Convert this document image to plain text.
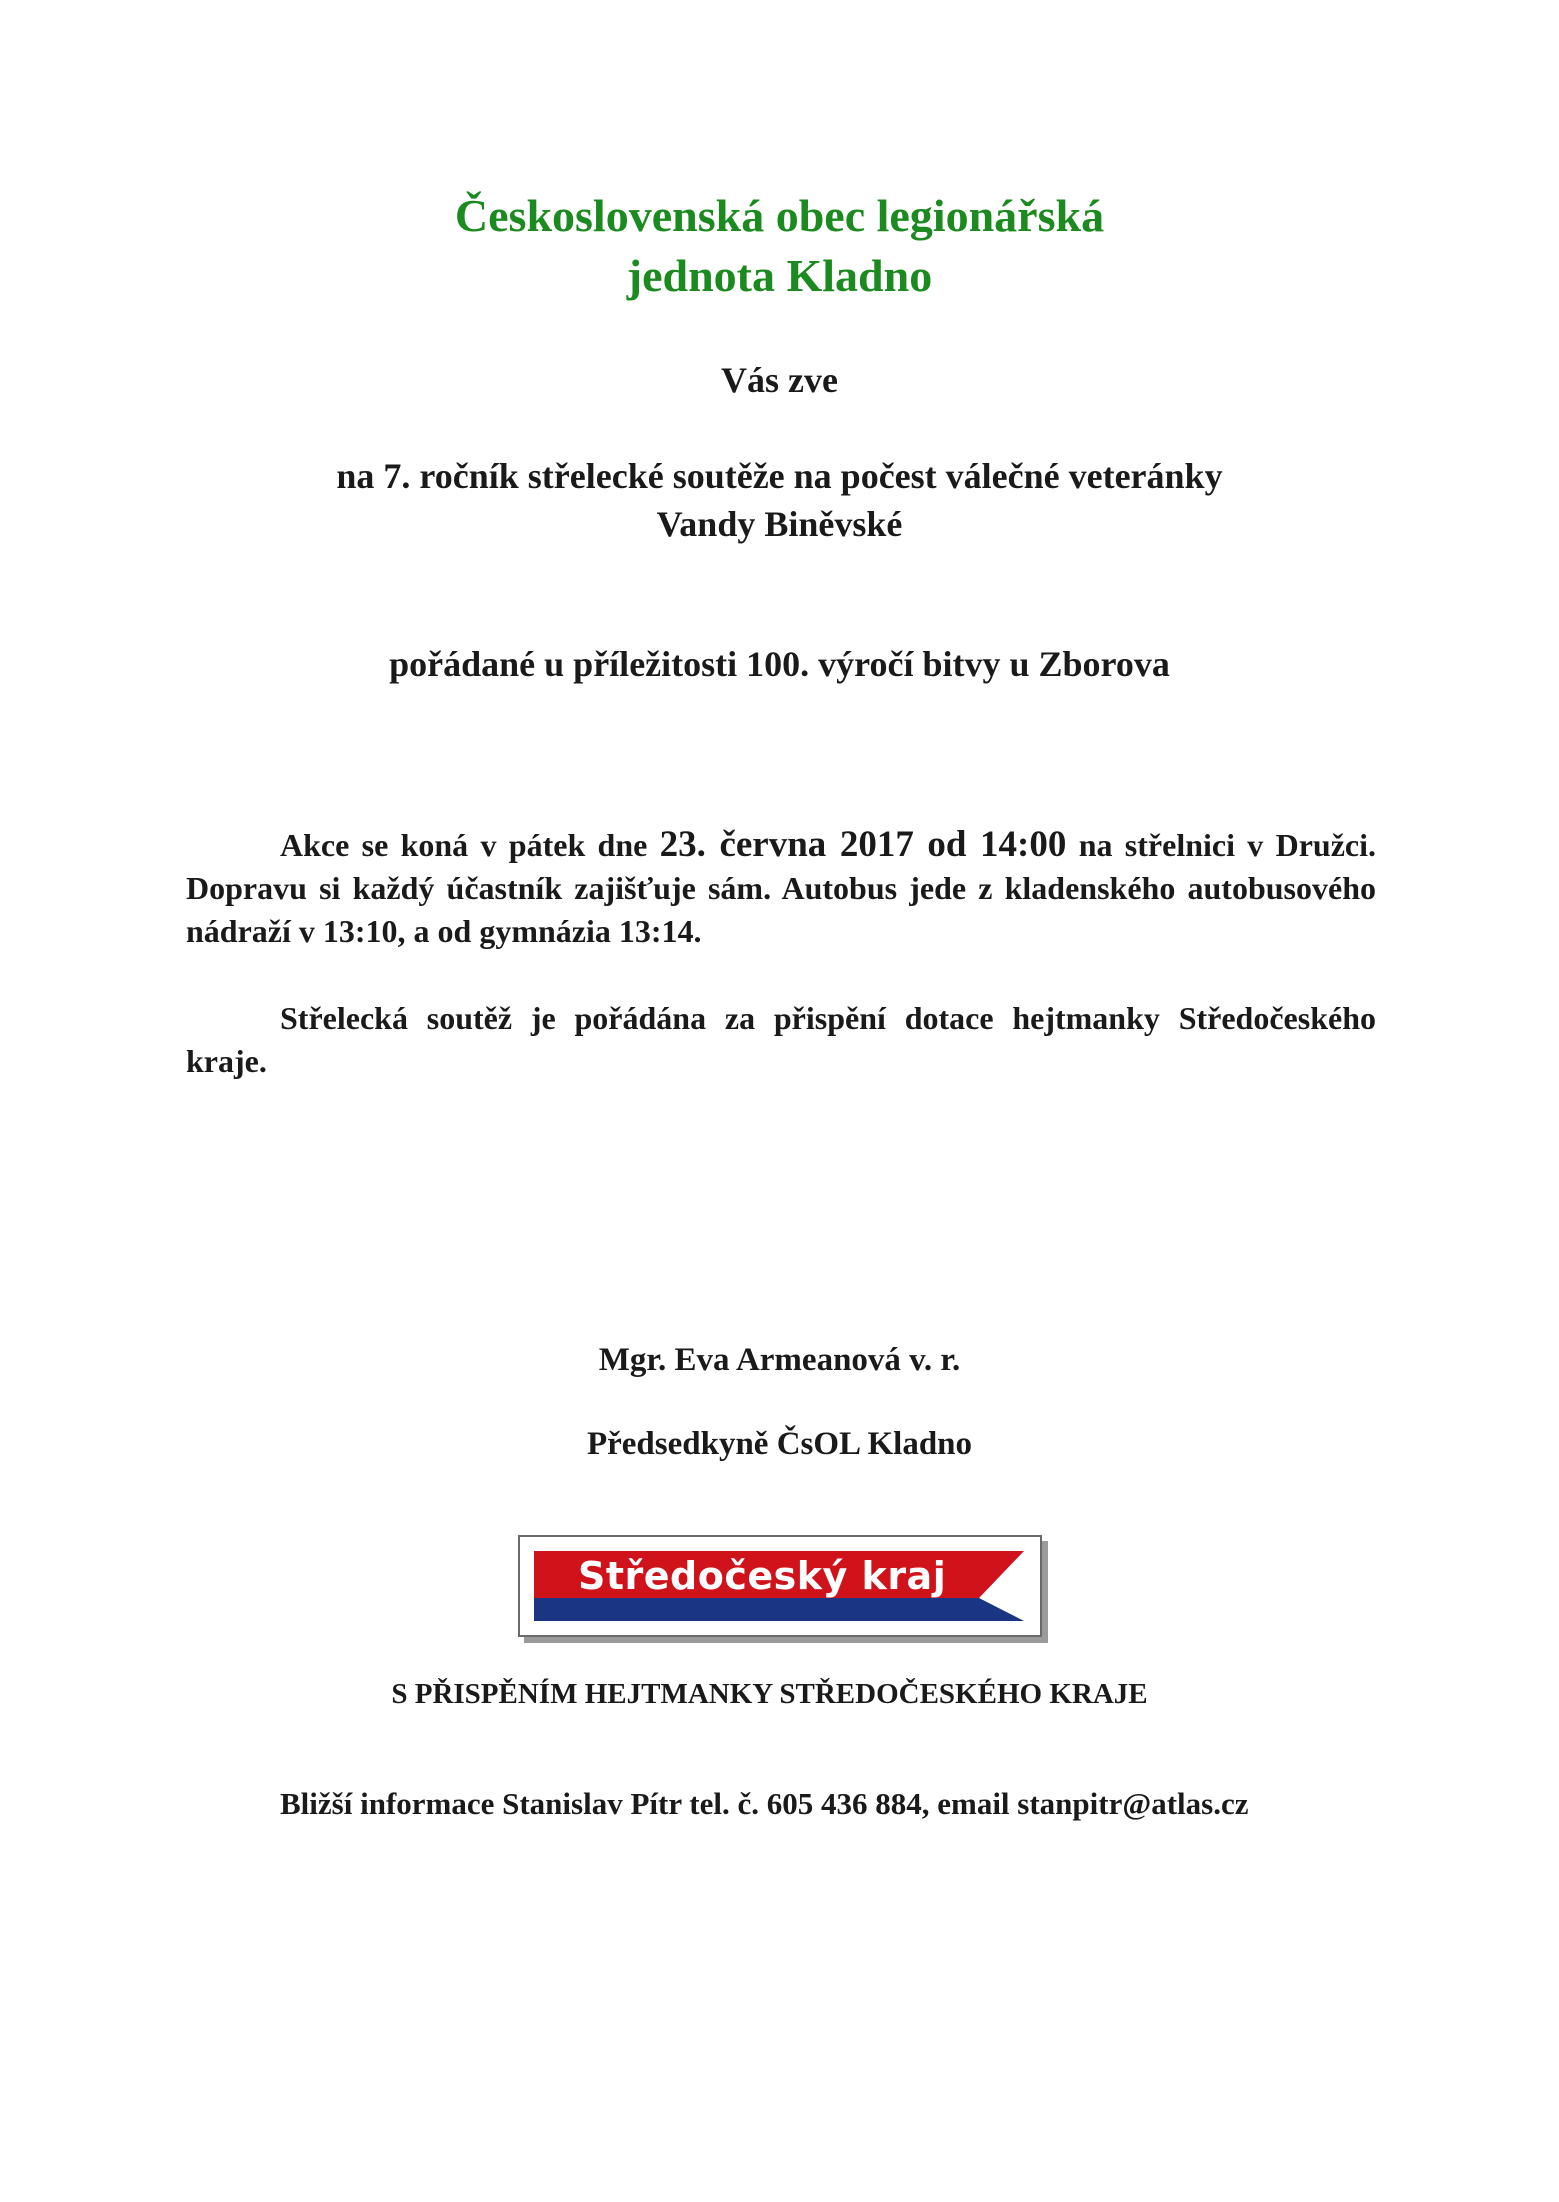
Československá obec legionářská
jednota Kladno
Vás zve
na 7. ročník střelecké soutěže na počest válečné veteránky
Vandy Biněvské
pořádané u příležitosti 100. výročí bitvy u Zborova
Akce se koná v pátek dne 23. června 2017 od 14:00 na střelnici v Družci. Dopravu si každý účastník zajišťuje sám. Autobus jede z kladenského autobusového nádraží v 13:10, a od gymnázia 13:14.
Střelecká soutěž je pořádána za přispění dotace hejtmanky Středočeského kraje.
Mgr. Eva Armeanová v. r.
Předsedkyně ČsOL Kladno
Středočeský kraj
S PŘISPĚNÍM HEJTMANKY STŘEDOČESKÉHO KRAJE
Bližší informace Stanislav Pítr tel. č. 605 436 884, email stanpitr@atlas.cz
